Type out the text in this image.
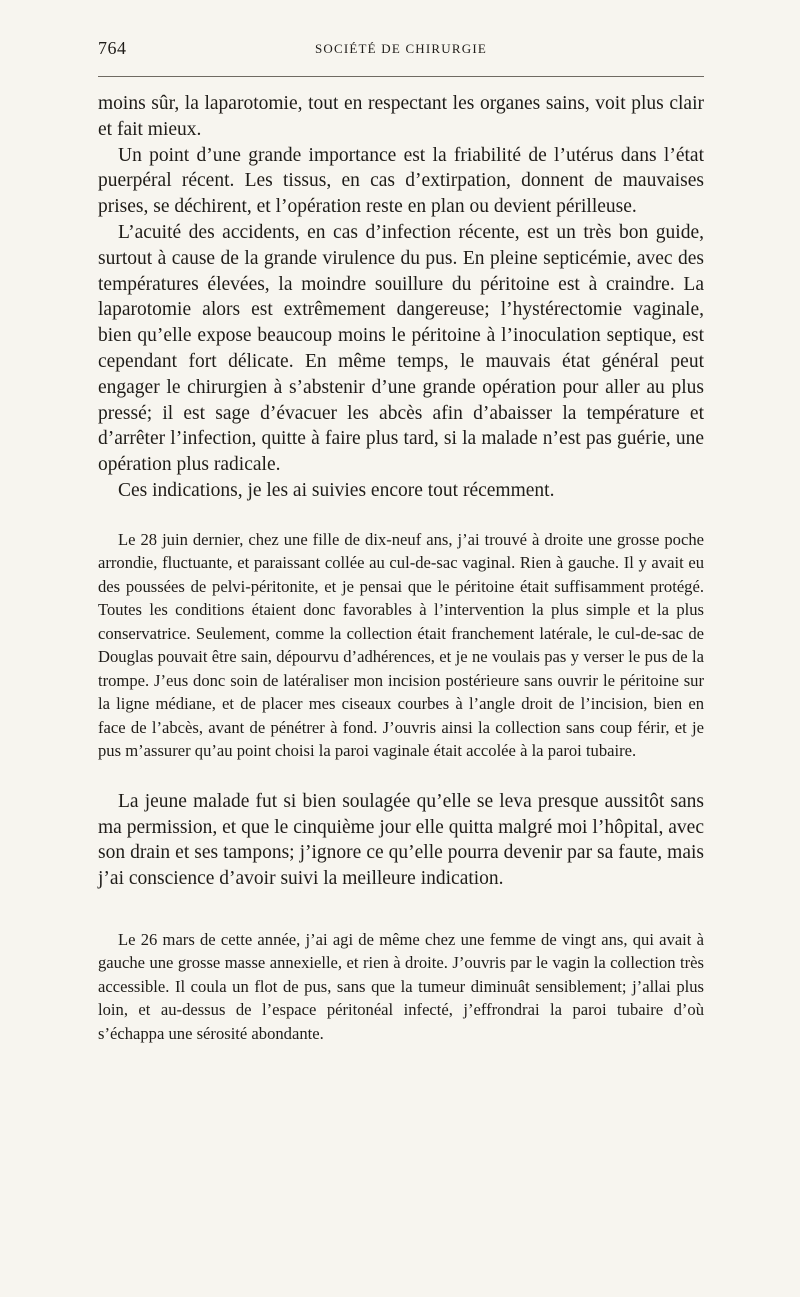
764	SOCIÉTÉ DE CHIRURGIE

moins sûr, la laparotomie, tout en respectant les organes sains, voit plus clair et fait mieux.

Un point d’une grande importance est la friabilité de l’utérus dans l’état puerpéral récent. Les tissus, en cas d’extirpation, donnent de mauvaises prises, se déchirent, et l’opération reste en plan ou devient périlleuse.

L’acuité des accidents, en cas d’infection récente, est un très bon guide, surtout à cause de la grande virulence du pus. En pleine septicémie, avec des températures élevées, la moindre souillure du péritoine est à craindre. La laparotomie alors est extrêmement dangereuse; l’hystérectomie vaginale, bien qu’elle expose beaucoup moins le péritoine à l’inoculation septique, est cependant fort délicate. En même temps, le mauvais état général peut engager le chirurgien à s’abstenir d’une grande opération pour aller au plus pressé; il est sage d’évacuer les abcès afin d’abaisser la température et d’arrêter l’infection, quitte à faire plus tard, si la malade n’est pas guérie, une opération plus radicale.

Ces indications, je les ai suivies encore tout récemment.

Le 28 juin dernier, chez une fille de dix-neuf ans, j’ai trouvé à droite une grosse poche arrondie, fluctuante, et paraissant collée au cul-de-sac vaginal. Rien à gauche. Il y avait eu des poussées de pelvi-péritonite, et je pensai que le péritoine était suffisamment protégé. Toutes les conditions étaient donc favorables à l’intervention la plus simple et la plus conservatrice. Seulement, comme la collection était franchement latérale, le cul-de-sac de Douglas pouvait être sain, dépourvu d’adhérences, et je ne voulais pas y verser le pus de la trompe. J’eus donc soin de latéraliser mon incision postérieure sans ouvrir le péritoine sur la ligne médiane, et de placer mes ciseaux courbes à l’angle droit de l’incision, bien en face de l’abcès, avant de pénétrer à fond. J’ouvris ainsi la collection sans coup férir, et je pus m’assurer qu’au point choisi la paroi vaginale était accolée à la paroi tubaire.

La jeune malade fut si bien soulagée qu’elle se leva presque aussitôt sans ma permission, et que le cinquième jour elle quitta malgré moi l’hôpital, avec son drain et ses tampons; j’ignore ce qu’elle pourra devenir par sa faute, mais j’ai conscience d’avoir suivi la meilleure indication.

Le 26 mars de cette année, j’ai agi de même chez une femme de vingt ans, qui avait à gauche une grosse masse annexielle, et rien à droite. J’ouvris par le vagin la collection très accessible. Il coula un flot de pus, sans que la tumeur diminuât sensiblement; j’allai plus loin, et au-dessus de l’espace péritonéal infecté, j’effrondrai la paroi tubaire d’où s’échappa une sérosité abondante.
